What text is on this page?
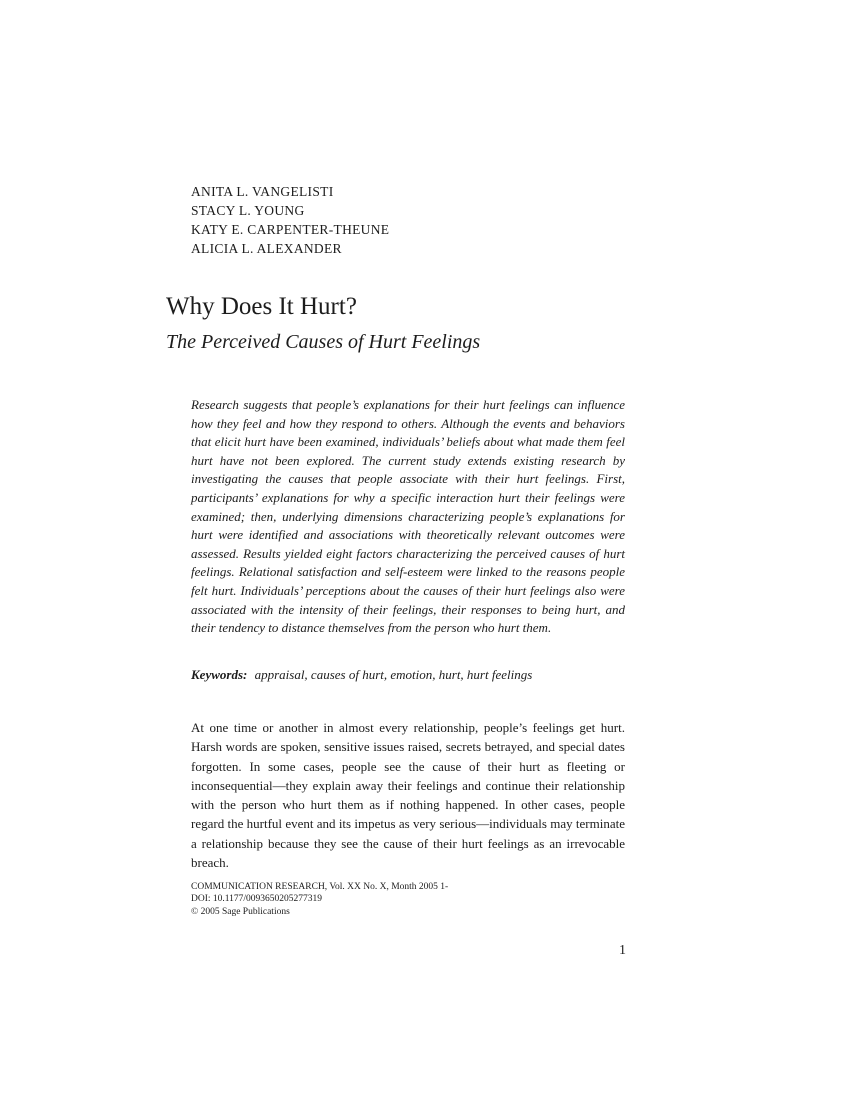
ANITA L. VANGELISTI
STACY L. YOUNG
KATY E. CARPENTER-THEUNE
ALICIA L. ALEXANDER
Why Does It Hurt?
The Perceived Causes of Hurt Feelings

Research suggests that people’s explanations for their hurt feelings can influence how they feel and how they respond to others. Although the events and behaviors that elicit hurt have been examined, individuals’ beliefs about what made them feel hurt have not been explored. The current study extends existing research by investigating the causes that people associate with their hurt feelings. First, participants’ explanations for why a specific interaction hurt their feelings were examined; then, underlying dimensions characterizing people’s explanations for hurt were identified and associations with theoretically relevant outcomes were assessed. Results yielded eight factors characterizing the perceived causes of hurt feelings. Relational satisfaction and self-esteem were linked to the reasons people felt hurt. Individuals’ perceptions about the causes of their hurt feelings also were associated with the intensity of their feelings, their responses to being hurt, and their tendency to distance themselves from the person who hurt them.

Keywords: appraisal, causes of hurt, emotion, hurt, hurt feelings

At one time or another in almost every relationship, people’s feelings get hurt. Harsh words are spoken, sensitive issues raised, secrets betrayed, and special dates forgotten. In some cases, people see the cause of their hurt as fleeting or inconsequential—they explain away their feelings and continue their relationship with the person who hurt them as if nothing happened. In other cases, people regard the hurtful event and its impetus as very serious—individuals may terminate a relationship because they see the cause of their hurt feelings as an irrevocable breach.

COMMUNICATION RESEARCH, Vol. XX No. X, Month 2005 1-
DOI: 10.1177/0093650205277319
© 2005 Sage Publications
1
